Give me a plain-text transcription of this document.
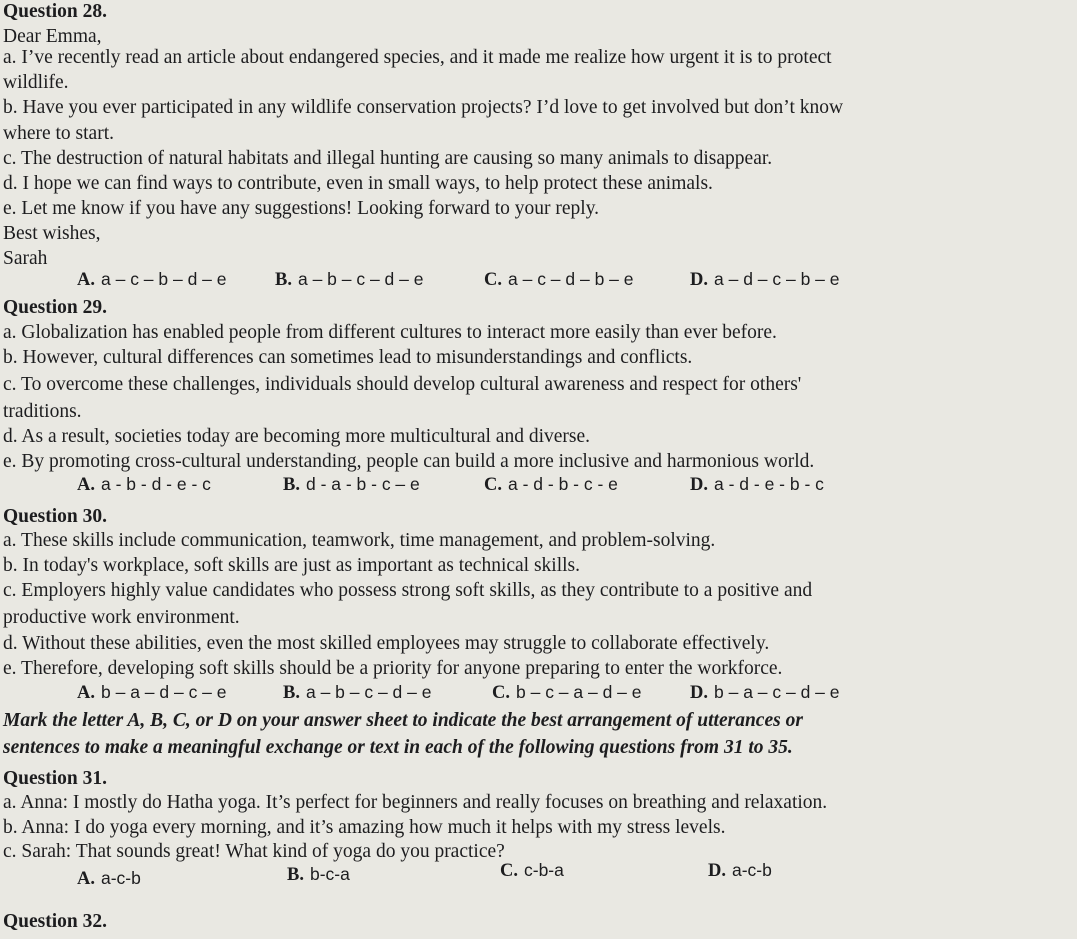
Question 28.
Dear Emma,
a. I’ve recently read an article about endangered species, and it made me realize how urgent it is to protect
wildlife.
b. Have you ever participated in any wildlife conservation projects? I’d love to get involved but don’t know
where to start.
c. The destruction of natural habitats and illegal hunting are causing so many animals to disappear.
d. I hope we can find ways to contribute, even in small ways, to help protect these animals.
e. Let me know if you have any suggestions! Looking forward to your reply.
Best wishes,
Sarah
A. a – c – b – d – e	B. a – b – c – d – e	C. a – c – d – b – e	D. a – d – c – b – e
Question 29.
a. Globalization has enabled people from different cultures to interact more easily than ever before.
b. However, cultural differences can sometimes lead to misunderstandings and conflicts.
c. To overcome these challenges, individuals should develop cultural awareness and respect for others'
traditions.
d. As a result, societies today are becoming more multicultural and diverse.
e. By promoting cross-cultural understanding, people can build a more inclusive and harmonious world.
A. a - b - d - e - c	B. d - a - b - c – e	C. a - d - b - c - e	D. a - d - e - b - c
Question 30.
a. These skills include communication, teamwork, time management, and problem-solving.
b. In today's workplace, soft skills are just as important as technical skills.
c. Employers highly value candidates who possess strong soft skills, as they contribute to a positive and
productive work environment.
d. Without these abilities, even the most skilled employees may struggle to collaborate effectively.
e. Therefore, developing soft skills should be a priority for anyone preparing to enter the workforce.
A. b – a – d – c – e	B. a – b – c – d – e	C. b – c – a – d – e	D. b – a – c – d – e
Mark the letter A, B, C, or D on your answer sheet to indicate the best arrangement of utterances or
sentences to make a meaningful exchange or text in each of the following questions from 31 to 35.
Question 31.
a. Anna: I mostly do Hatha yoga. It’s perfect for beginners and really focuses on breathing and relaxation.
b. Anna: I do yoga every morning, and it’s amazing how much it helps with my stress levels.
c. Sarah: That sounds great! What kind of yoga do you practice?
A. a-c-b	B. b-c-a	C. c-b-a	D. a-c-b
Question 32.
